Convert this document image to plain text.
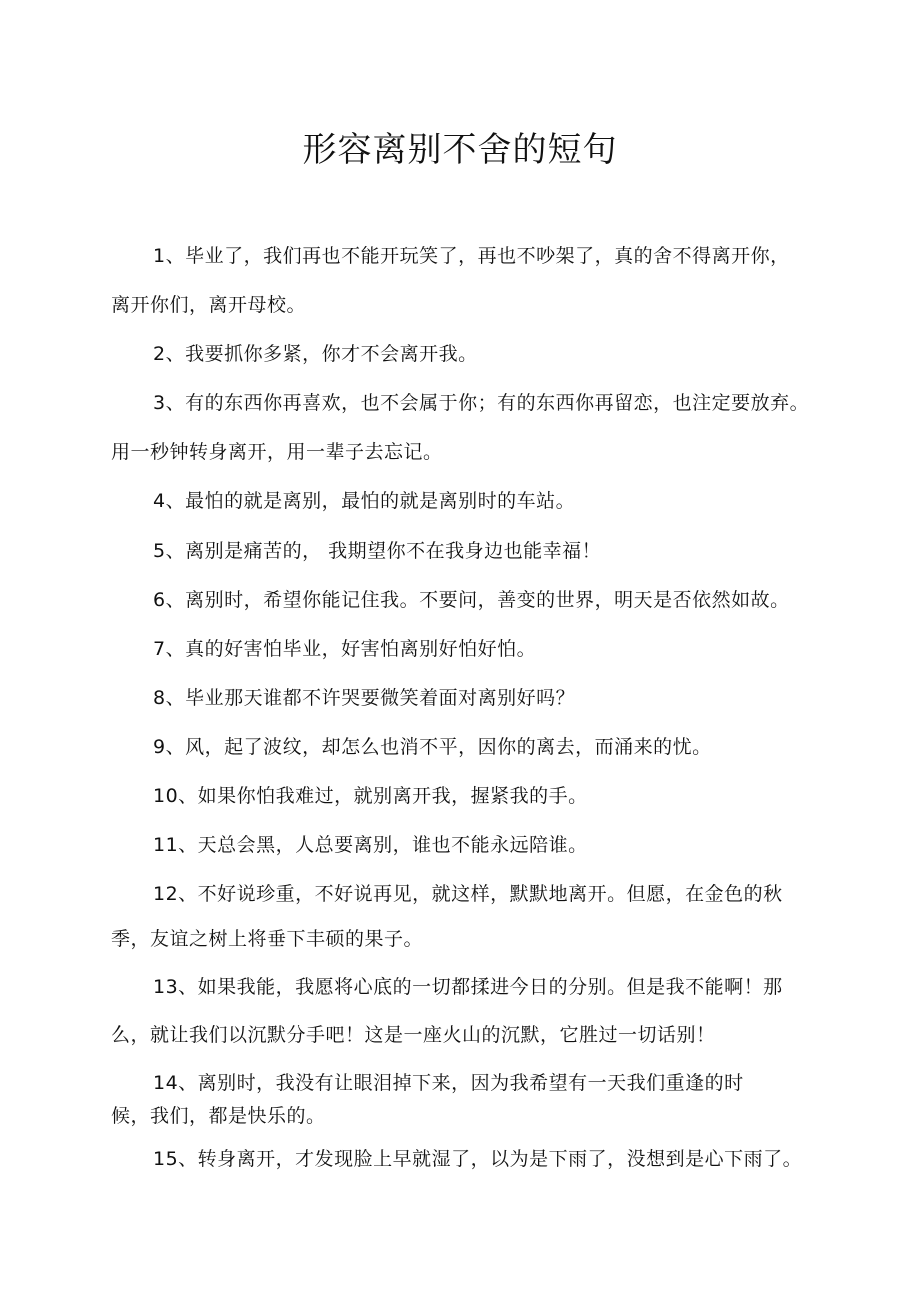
形容离别不舍的短句
1、毕业了，我们再也不能开玩笑了，再也不吵架了，真的舍不得离开你，
离开你们，离开母校。
2、我要抓你多紧，你才不会离开我。
3、有的东西你再喜欢，也不会属于你；有的东西你再留恋，也注定要放弃。
用一秒钟转身离开，用一辈子去忘记。
4、最怕的就是离别，最怕的就是离别时的车站。
5、离别是痛苦的， 我期望你不在我身边也能幸福！
6、离别时，希望你能记住我。不要问，善变的世界，明天是否依然如故。
7、真的好害怕毕业，好害怕离别好怕好怕。
8、毕业那天谁都不许哭要微笑着面对离别好吗？
9、风，起了波纹，却怎么也消不平，因你的离去，而涌来的忧。
10、如果你怕我难过，就别离开我，握紧我的手。
11、天总会黑，人总要离别，谁也不能永远陪谁。
12、不好说珍重，不好说再见，就这样，默默地离开。但愿，在金色的秋
季，友谊之树上将垂下丰硕的果子。
13、如果我能，我愿将心底的一切都揉进今日的分别。但是我不能啊！那
么，就让我们以沉默分手吧！这是一座火山的沉默，它胜过一切话别！
14、离别时，我没有让眼泪掉下来，因为我希望有一天我们重逢的时
候，我们，都是快乐的。
15、转身离开，才发现脸上早就湿了，以为是下雨了，没想到是心下雨了。
